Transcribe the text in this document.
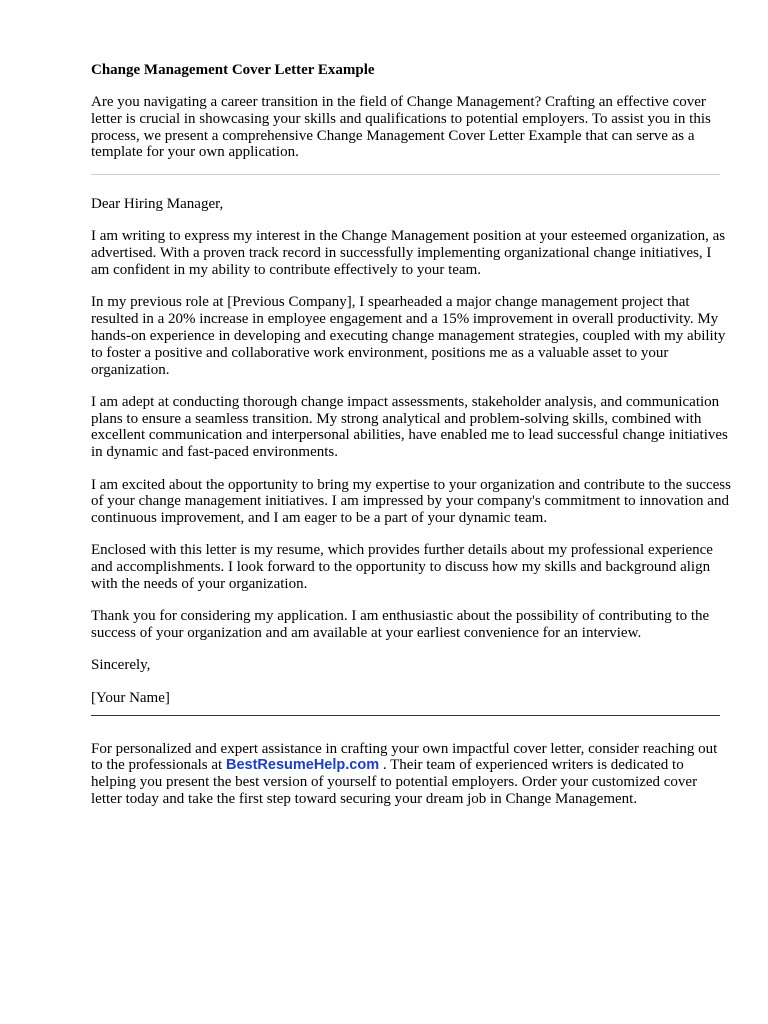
Change Management Cover Letter Example

Are you navigating a career transition in the field of Change Management? Crafting an effective cover letter is crucial in showcasing your skills and qualifications to potential employers. To assist you in this process, we present a comprehensive Change Management Cover Letter Example that can serve as a template for your own application.

Dear Hiring Manager,

I am writing to express my interest in the Change Management position at your esteemed organization, as advertised. With a proven track record in successfully implementing organizational change initiatives, I am confident in my ability to contribute effectively to your team.

In my previous role at [Previous Company], I spearheaded a major change management project that resulted in a 20% increase in employee engagement and a 15% improvement in overall productivity. My hands-on experience in developing and executing change management strategies, coupled with my ability to foster a positive and collaborative work environment, positions me as a valuable asset to your organization.

I am adept at conducting thorough change impact assessments, stakeholder analysis, and communication plans to ensure a seamless transition. My strong analytical and problem-solving skills, combined with excellent communication and interpersonal abilities, have enabled me to lead successful change initiatives in dynamic and fast-paced environments.

I am excited about the opportunity to bring my expertise to your organization and contribute to the success of your change management initiatives. I am impressed by your company's commitment to innovation and continuous improvement, and I am eager to be a part of your dynamic team.

Enclosed with this letter is my resume, which provides further details about my professional experience and accomplishments. I look forward to the opportunity to discuss how my skills and background align with the needs of your organization.

Thank you for considering my application. I am enthusiastic about the possibility of contributing to the success of your organization and am available at your earliest convenience for an interview.

Sincerely,

[Your Name]

For personalized and expert assistance in crafting your own impactful cover letter, consider reaching out to the professionals at BestResumeHelp.com . Their team of experienced writers is dedicated to helping you present the best version of yourself to potential employers. Order your customized cover letter today and take the first step toward securing your dream job in Change Management.
